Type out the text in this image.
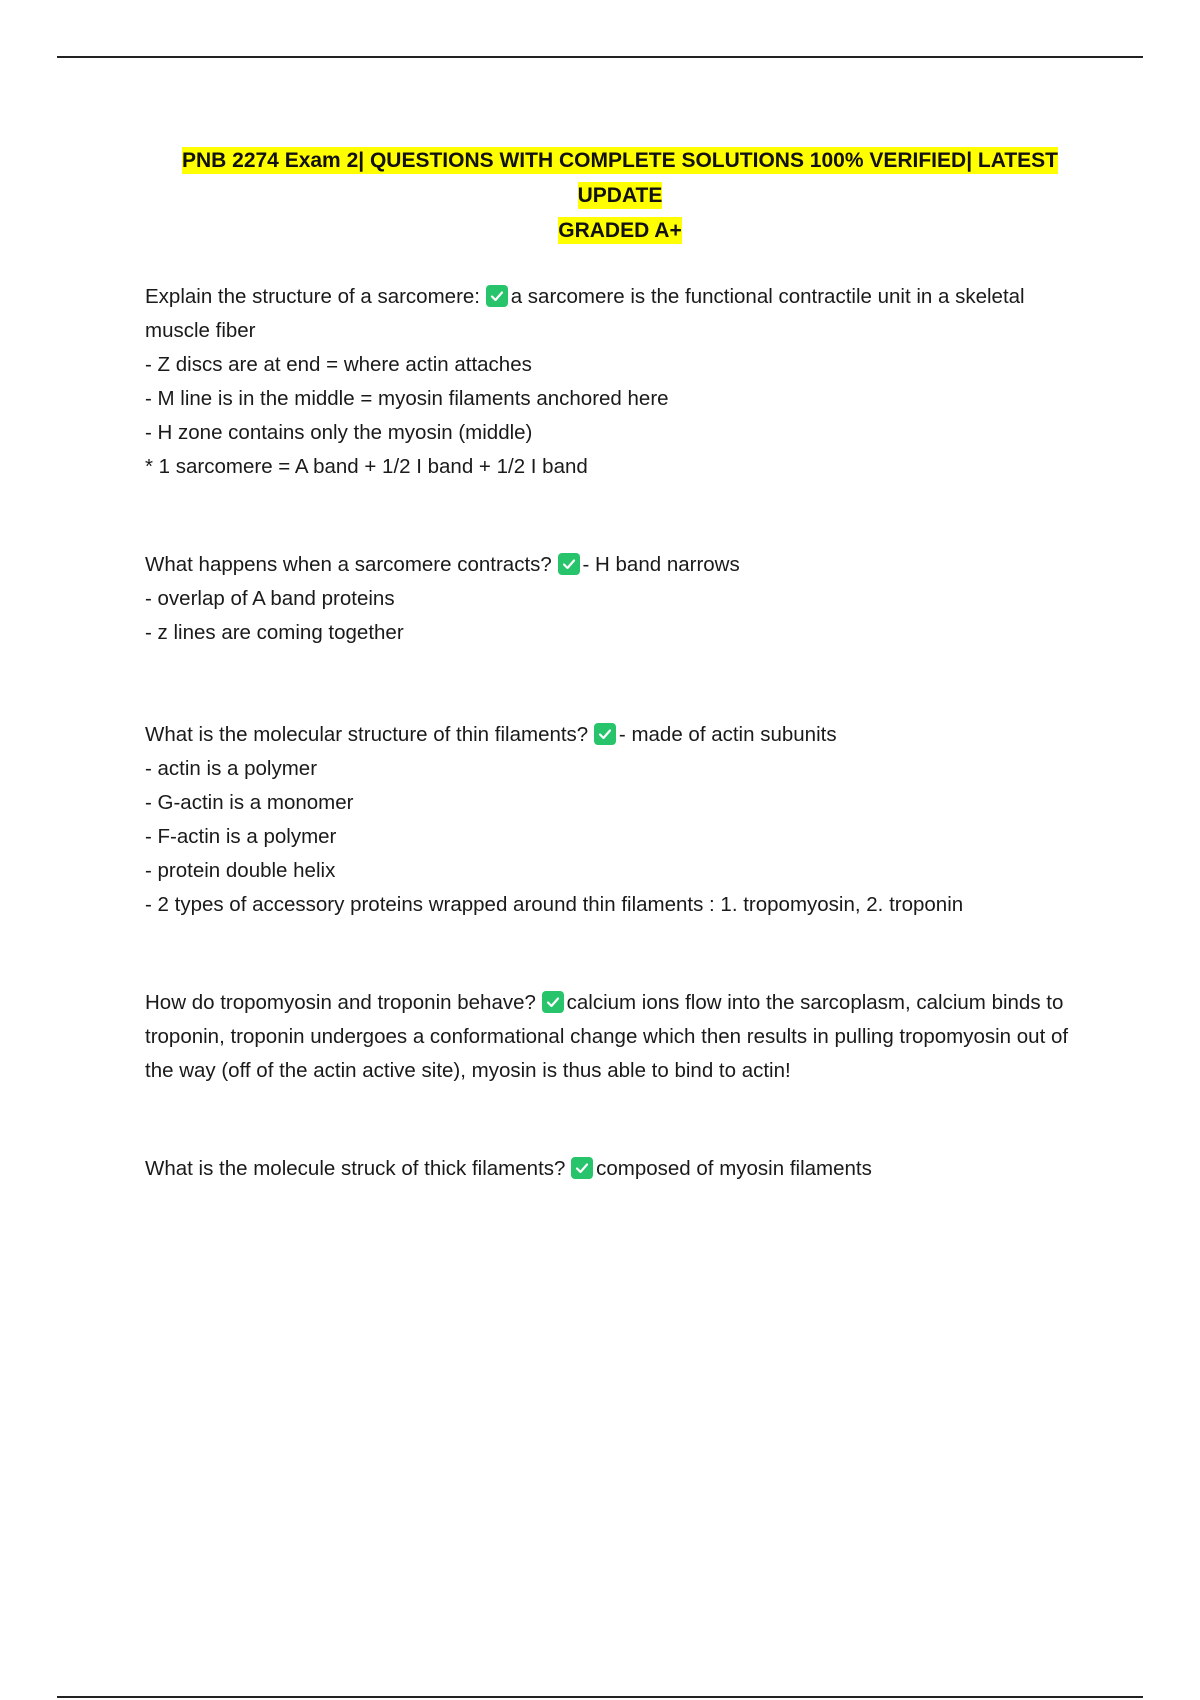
PNB 2274 Exam 2| QUESTIONS WITH COMPLETE SOLUTIONS 100% VERIFIED| LATEST UPDATE
GRADED A+

Explain the structure of a sarcomere: a sarcomere is the functional contractile unit in a skeletal muscle fiber

- Z discs are at end = where actin attaches

- M line is in the middle = myosin filaments anchored here

- H zone contains only the myosin (middle)

* 1 sarcomere = A band + 1/2 I band + 1/2 I band

What happens when a sarcomere contracts? - H band narrows

- overlap of A band proteins

- z lines are coming together

What is the molecular structure of thin filaments? - made of actin subunits

- actin is a polymer

- G-actin is a monomer

- F-actin is a polymer

- protein double helix

- 2 types of accessory proteins wrapped around thin filaments : 1. tropomyosin, 2. troponin

How do tropomyosin and troponin behave? calcium ions flow into the sarcoplasm, calcium binds to troponin, troponin undergoes a conformational change which then results in pulling tropomyosin out of the way (off of the actin active site), myosin is thus able to bind to actin!

What is the molecule struck of thick filaments? composed of myosin filaments
